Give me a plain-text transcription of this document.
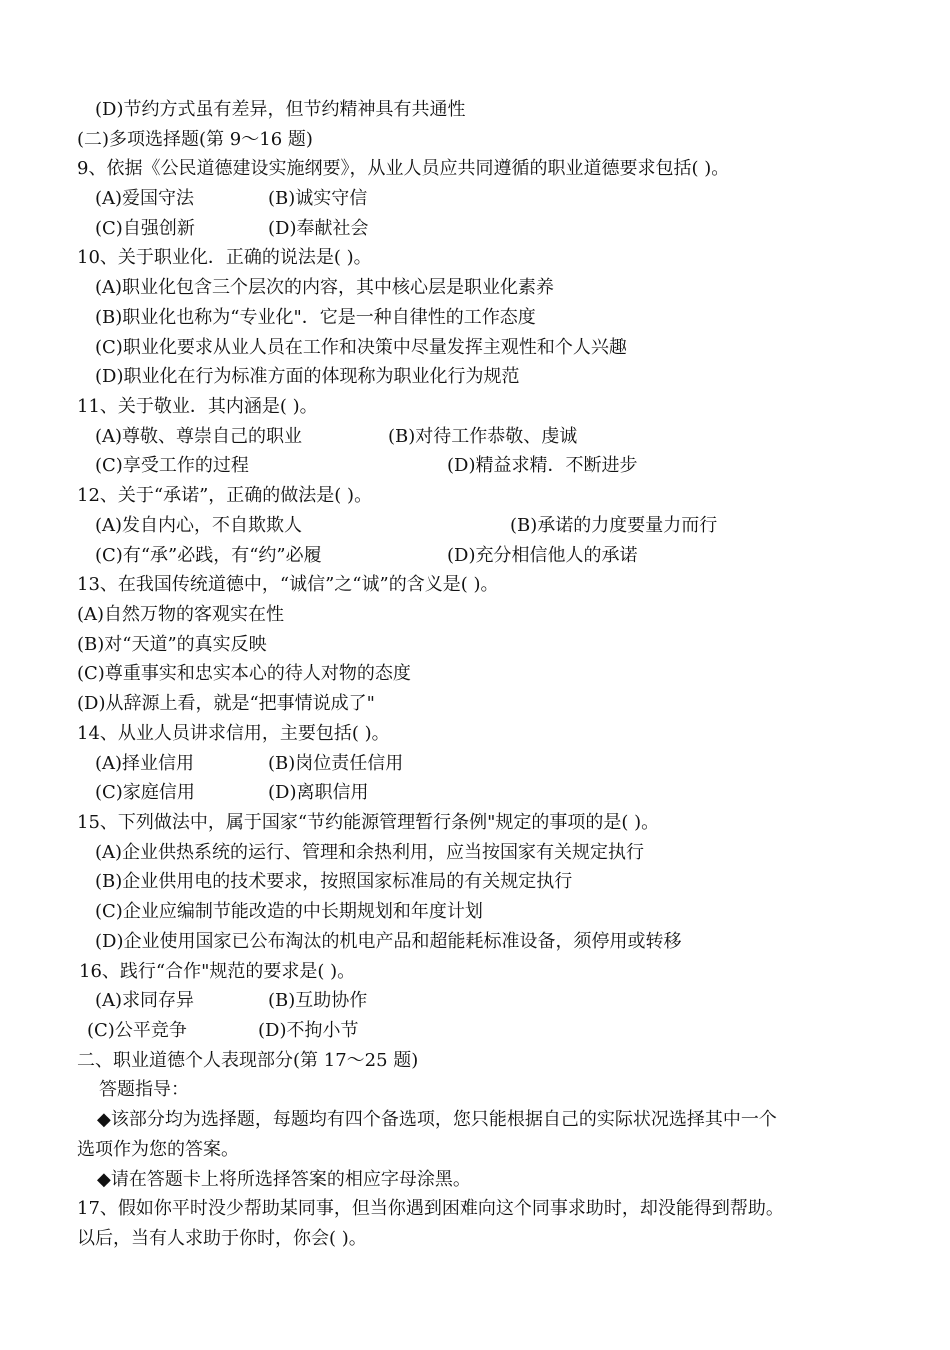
(D)节约方式虽有差异，但节约精神具有共通性
(二)多项选择题(第 9～16 题)
9、依据《公民道德建设实施纲要》，从业人员应共同遵循的职业道德要求包括( )。
(A)爱国守法	(B)诚实守信
(C)自强创新	(D)奉献社会
10、关于职业化．正确的说法是( )。
(A)职业化包含三个层次的内容，其中核心层是职业化素养
(B)职业化也称为“专业化"．它是一种自律性的工作态度
(C)职业化要求从业人员在工作和决策中尽量发挥主观性和个人兴趣
(D)职业化在行为标准方面的体现称为职业化行为规范
11、关于敬业．其内涵是( )。
(A)尊敬、尊崇自己的职业	(B)对待工作恭敬、虔诚
(C)享受工作的过程	(D)精益求精．不断进步
12、关于“承诺”，正确的做法是( )。
(A)发自内心，不自欺欺人	(B)承诺的力度要量力而行
(C)有“承”必践，有“约”必履	(D)充分相信他人的承诺
13、在我国传统道德中，“诚信”之“诚”的含义是( )。
(A)自然万物的客观实在性
(B)对“天道”的真实反映
(C)尊重事实和忠实本心的待人对物的态度
(D)从辞源上看，就是“把事情说成了"
14、从业人员讲求信用，主要包括( )。
(A)择业信用	(B)岗位责任信用
(C)家庭信用	(D)离职信用
15、下列做法中，属于国家“节约能源管理暂行条例"规定的事项的是( )。
(A)企业供热系统的运行、管理和余热利用，应当按国家有关规定执行
(B)企业供用电的技术要求，按照国家标准局的有关规定执行
(C)企业应编制节能改造的中长期规划和年度计划
(D)企业使用国家已公布淘汰的机电产品和超能耗标准设备，须停用或转移
16、践行“合作"规范的要求是( )。
(A)求同存异	(B)互助协作
(C)公平竞争	(D)不拘小节
二、职业道德个人表现部分(第 17～25 题)
答题指导：
◆该部分均为选择题，每题均有四个备选项，您只能根据自己的实际状况选择其中一个
选项作为您的答案。
◆请在答题卡上将所选择答案的相应字母涂黑。
17、假如你平时没少帮助某同事，但当你遇到困难向这个同事求助时，却没能得到帮助。
以后，当有人求助于你时，你会( )。
